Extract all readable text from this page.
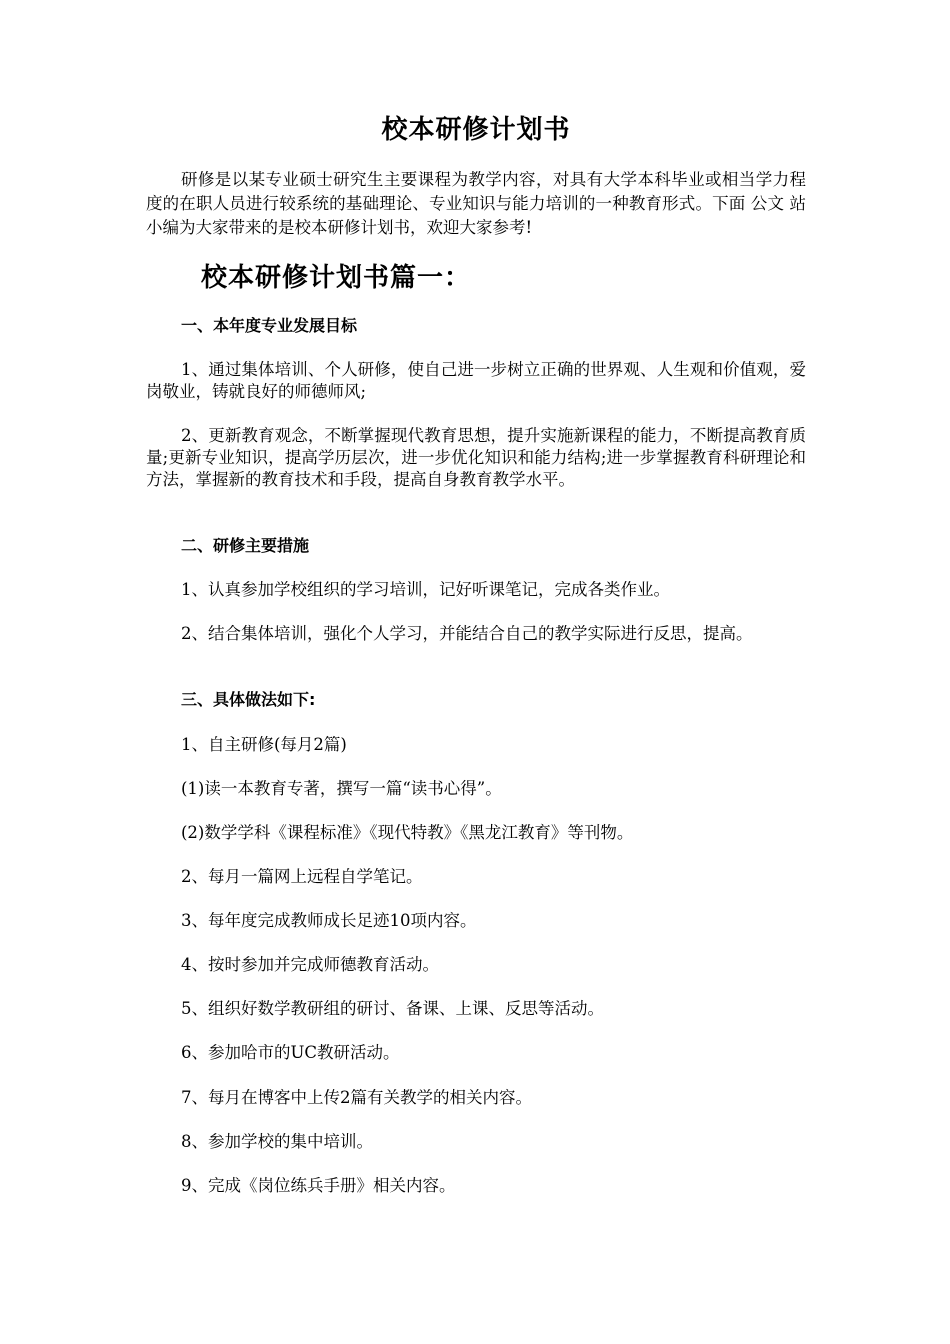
校本研修计划书

研修是以某专业硕士研究生主要课程为教学内容，对具有大学本科毕业或相当学力程度的在职人员进行较系统的基础理论、专业知识与能力培训的一种教育形式。下面 公文 站小编为大家带来的是校本研修计划书，欢迎大家参考!

校本研修计划书篇一：
一、本年度专业发展目标

1、通过集体培训、个人研修，使自己进一步树立正确的世界观、人生观和价值观，爱岗敬业，铸就良好的师德师风;

2、更新教育观念，不断掌握现代教育思想，提升实施新课程的能力，不断提高教育质量;更新专业知识，提高学历层次，进一步优化知识和能力结构;进一步掌握教育科研理论和方法，掌握新的教育技术和手段，提高自身教育教学水平。

二、研修主要措施

1、认真参加学校组织的学习培训，记好听课笔记，完成各类作业。

2、结合集体培训，强化个人学习，并能结合自己的教学实际进行反思，提高。

三、具体做法如下:

1、自主研修(每月2篇)

(1)读一本教育专著，撰写一篇“读书心得”。

(2)数学学科《课程标准》《现代特教》《黑龙江教育》等刊物。

2、每月一篇网上远程自学笔记。

3、每年度完成教师成长足迹10项内容。

4、按时参加并完成师德教育活动。

5、组织好数学教研组的研讨、备课、上课、反思等活动。

6、参加哈市的UC教研活动。

7、每月在博客中上传2篇有关教学的相关内容。

8、参加学校的集中培训。

9、完成《岗位练兵手册》相关内容。
